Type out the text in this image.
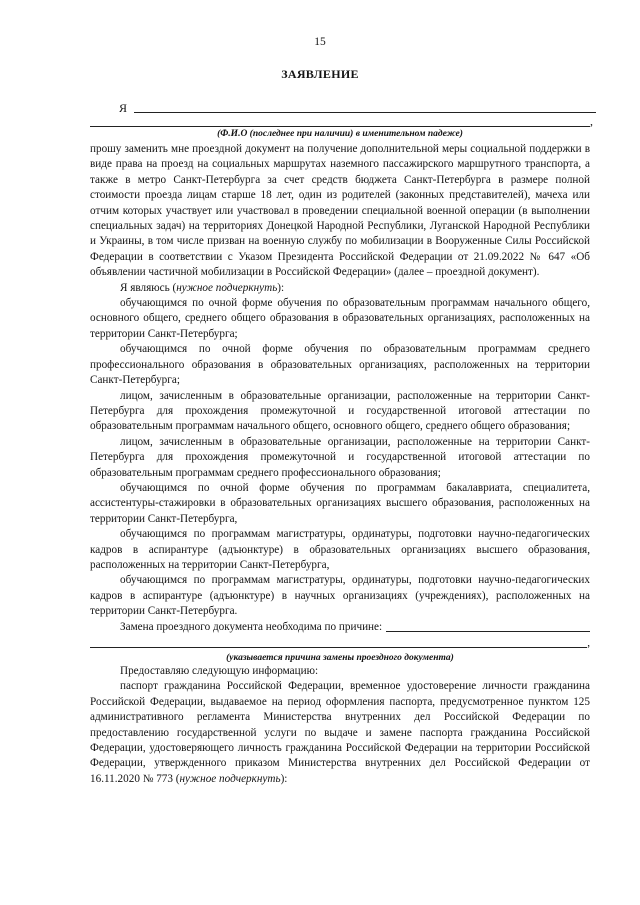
15
ЗАЯВЛЕНИЕ
Я
,
(Ф.И.О (последнее при наличии) в именительном падеже)

прошу заменить мне проездной документ на получение дополнительной меры социальной поддержки в виде права на проезд на социальных маршрутах наземного пассажирского маршрутного транспорта, а также в метро Санкт-Петербурга за счет средств бюджета Санкт-Петербурга в размере полной стоимости проезда лицам старше 18 лет, один из родителей (законных представителей), мачеха или отчим которых участвует или участвовал в проведении специальной военной операции (в выполнении специальных задач) на территориях Донецкой Народной Республики, Луганской Народной Республики и Украины, в том числе призван на военную службу по мобилизации в Вооруженные Силы Российской Федерации в соответствии с Указом Президента Российской Федерации от 21.09.2022 № 647 «Об объявлении частичной мобилизации в Российской Федерации» (далее – проездной документ).

Я являюсь (нужное подчеркнуть):

обучающимся по очной форме обучения по образовательным программам начального общего, основного общего, среднего общего образования в образовательных организациях, расположенных на территории Санкт-Петербурга;

обучающимся по очной форме обучения по образовательным программам среднего профессионального образования в образовательных организациях, расположенных на территории Санкт-Петербурга;

лицом, зачисленным в образовательные организации, расположенные на территории Санкт-Петербурга для прохождения промежуточной и государственной итоговой аттестации по образовательным программам начального общего, основного общего, среднего общего образования;

лицом, зачисленным в образовательные организации, расположенные на территории Санкт-Петербурга для прохождения промежуточной и государственной итоговой аттестации по образовательным программам среднего профессионального образования;

обучающимся по очной форме обучения по программам бакалавриата, специалитета, ассистентуры-стажировки в образовательных организациях высшего образования, расположенных на территории Санкт-Петербурга,

обучающимся по программам магистратуры, ординатуры, подготовки научно-педагогических кадров в аспирантуре (адъюнктуре) в образовательных организациях высшего образования, расположенных на территории Санкт-Петербурга,

обучающимся по программам магистратуры, ординатуры, подготовки научно-педагогических кадров в аспирантуре (адъюнктуре) в научных организациях (учреждениях), расположенных на территории Санкт-Петербурга.

Замена проездного документа необходима по причине:
,
(указывается причина замены проездного документа)

Предоставляю следующую информацию:

паспорт гражданина Российской Федерации, временное удостоверение личности гражданина Российской Федерации, выдаваемое на период оформления паспорта, предусмотренное пунктом 125 административного регламента Министерства внутренних дел Российской Федерации по предоставлению государственной услуги по выдаче и замене паспорта гражданина Российской Федерации, удостоверяющего личность гражданина Российской Федерации на территории Российской Федерации, утвержденного приказом Министерства внутренних дел Российской Федерации от 16.11.2020 № 773 (нужное подчеркнуть):
